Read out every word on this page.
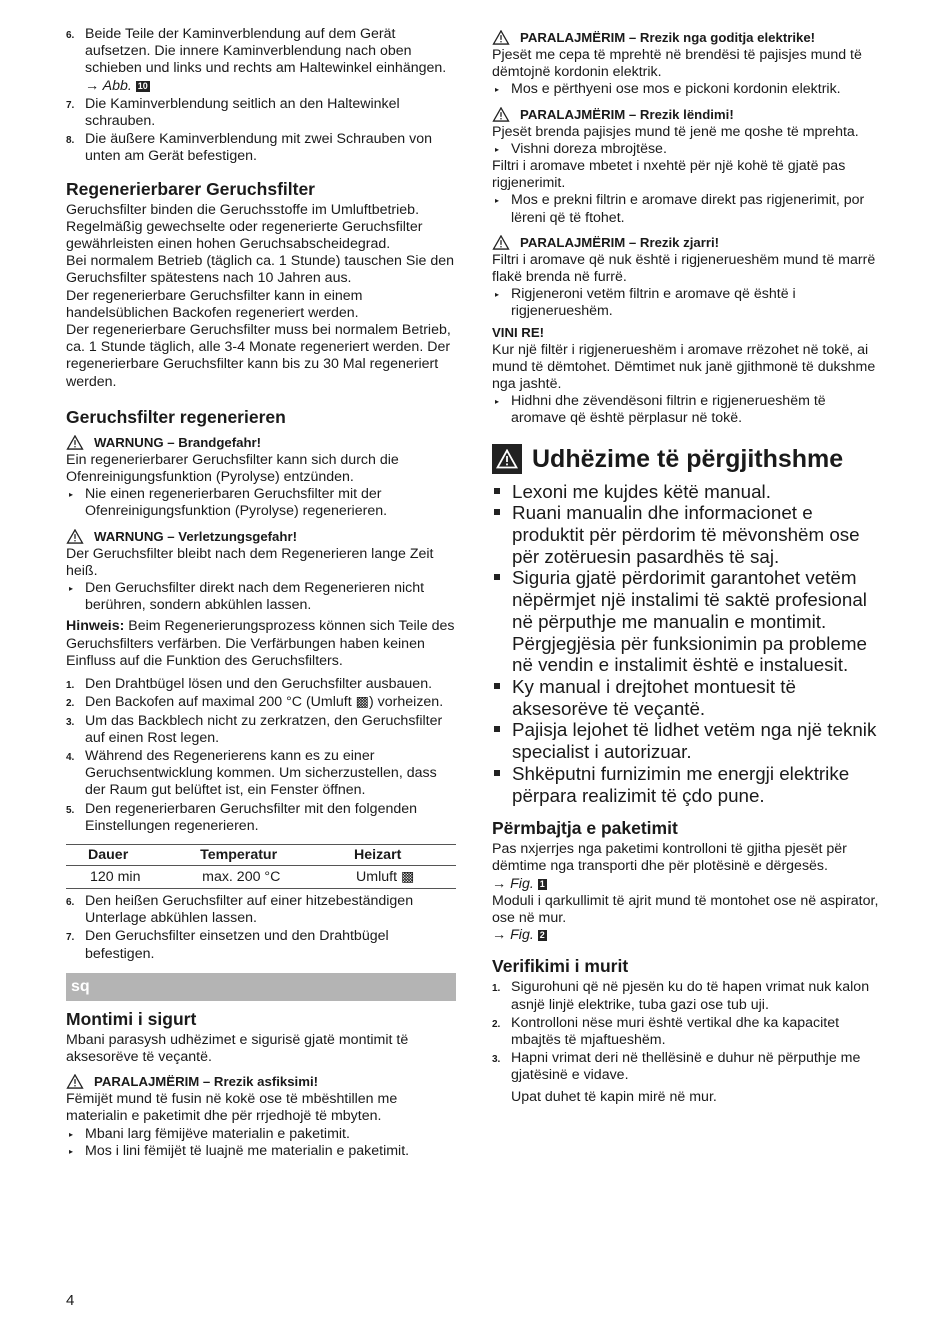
6. Beide Teile der Kaminverblendung auf dem Gerät aufsetzen. Die innere Kaminverblendung nach oben schieben und links und rechts am Haltewinkel einhängen.
→ Abb. 10
7. Die Kaminverblendung seitlich an den Haltewinkel schrauben.
8. Die äußere Kaminverblendung mit zwei Schrauben von unten am Gerät befestigen.
Regenerierbarer Geruchsfilter

Geruchsfilter binden die Geruchsstoffe im Umluftbetrieb. Regelmäßig gewechselte oder regenerierte Geruchsfilter gewährleisten einen hohen Geruchsabscheidegrad.

Bei normalem Betrieb (täglich ca. 1 Stunde) tauschen Sie den Geruchsfilter spätestens nach 10 Jahren aus.

Der regenerierbare Geruchsfilter kann in einem handelsüblichen Backofen regeneriert werden.

Der regenerierbare Geruchsfilter muss bei normalem Betrieb, ca. 1 Stunde täglich, alle 3-4 Monate regeneriert werden. Der regenerierbare Geruchsfilter kann bis zu 30 Mal regeneriert werden.

Geruchsfilter regenerieren
WARNUNG – Brandgefahr!

Ein regenerierbarer Geruchsfilter kann sich durch die Ofenreinigungsfunktion (Pyrolyse) entzünden.

▸ Nie einen regenerierbaren Geruchsfilter mit der Ofenreinigungsfunktion (Pyrolyse) regenerieren.
WARNUNG – Verletzungsgefahr!

Der Geruchsfilter bleibt nach dem Regenerieren lange Zeit heiß.

▸ Den Geruchsfilter direkt nach dem Regenerieren nicht berühren, sondern abkühlen lassen.

Hinweis: Beim Regenerierungsprozess können sich Teile des Geruchsfilters verfärben. Die Verfärbungen haben keinen Einfluss auf die Funktion des Geruchsfilters.

1. Den Drahtbügel lösen und den Geruchsfilter ausbauen.
2. Den Backofen auf maximal 200 °C (Umluft ▩) vorheizen.
3. Um das Backblech nicht zu zerkratzen, den Geruchsfilter auf einen Rost legen.
4. Während des Regenerierens kann es zu einer Geruchsentwicklung kommen. Um sicherzustellen, dass der Raum gut belüftet ist, ein Fenster öffnen.
5. Den regenerierbaren Geruchsfilter mit den folgenden Einstellungen regenerieren.
Dauer	Temperatur	Heizart
120 min	max. 200 °C	Umluft ▩
6. Den heißen Geruchsfilter auf einer hitzebeständigen Unterlage abkühlen lassen.
7. Den Geruchsfilter einsetzen und den Drahtbügel befestigen.
sq
Montimi i sigurt

Mbani parasysh udhëzimet e sigurisë gjatë montimit të aksesorëve të veçantë.

PARALAJMËRIM – Rrezik asfiksimi!

Fëmijët mund të fusin në kokë ose të mbështillen me materialin e paketimit dhe për rrjedhojë të mbyten.

▸ Mbani larg fëmijëve materialin e paketimit.
▸ Mos i lini fëmijët të luajnë me materialin e paketimit.
PARALAJMËRIM – Rrezik nga goditja elektrike!

Pjesët me cepa të mprehtë në brendësi të pajisjes mund të dëmtojnë kordonin elektrik.

▸ Mos e përthyeni ose mos e pickoni kordonin elektrik.
PARALAJMËRIM – Rrezik lëndimi!

Pjesët brenda pajisjes mund të jenë me qoshe të mprehta.

▸ Vishni doreza mbrojtëse.

Filtri i aromave mbetet i nxehtë për një kohë të gjatë pas rigjenerimit.

▸ Mos e prekni filtrin e aromave direkt pas rigjenerimit, por lëreni që të ftohet.
PARALAJMËRIM – Rrezik zjarri!

Filtri i aromave që nuk është i rigjenerueshëm mund të marrë flakë brenda në furrë.

▸ Rigjeneroni vetëm filtrin e aromave që është i rigjenerueshëm.
VINI RE!

Kur një filtër i rigjenerueshëm i aromave rrëzohet në tokë, ai mund të dëmtohet. Dëmtimet nuk janë gjithmonë të dukshme nga jashtë.

▸ Hidhni dhe zëvendësoni filtrin e rigjenerueshëm të aromave që është përplasur në tokë.
Udhëzime të përgjithshme
Lexoni me kujdes këtë manual.
Ruani manualin dhe informacionet e produktit për përdorim të mëvonshëm ose për zotëruesin pasardhës të saj.
Siguria gjatë përdorimit garantohet vetëm nëpërmjet një instalimi të saktë profesional në përputhje me manualin e montimit. Përgjegjësia për funksionimin pa probleme në vendin e instalimit është e instaluesit.
Ky manual i drejtohet montuesit të aksesorëve të veçantë.
Pajisja lejohet të lidhet vetëm nga një teknik specialist i autorizuar.
Shkëputni furnizimin me energji elektrike përpara realizimit të çdo pune.
Përmbajtja e paketimit

Pas nxjerrjes nga paketimi kontrolloni të gjitha pjesët për dëmtime nga transporti dhe për plotësinë e dërgesës.

→ Fig. 1

Moduli i qarkullimit të ajrit mund të montohet ose në aspirator, ose në mur.

→ Fig. 2

Verifikimi i murit
1. Sigurohuni që në pjesën ku do të hapen vrimat nuk kalon asnjë linjë elektrike, tuba gazi ose tub uji.
2. Kontrolloni nëse muri është vertikal dhe ka kapacitet mbajtës të mjaftueshëm.
3. Hapni vrimat deri në thellësinë e duhur në përputhje me gjatësinë e vidave.

Upat duhet të kapin mirë në mur.

4
